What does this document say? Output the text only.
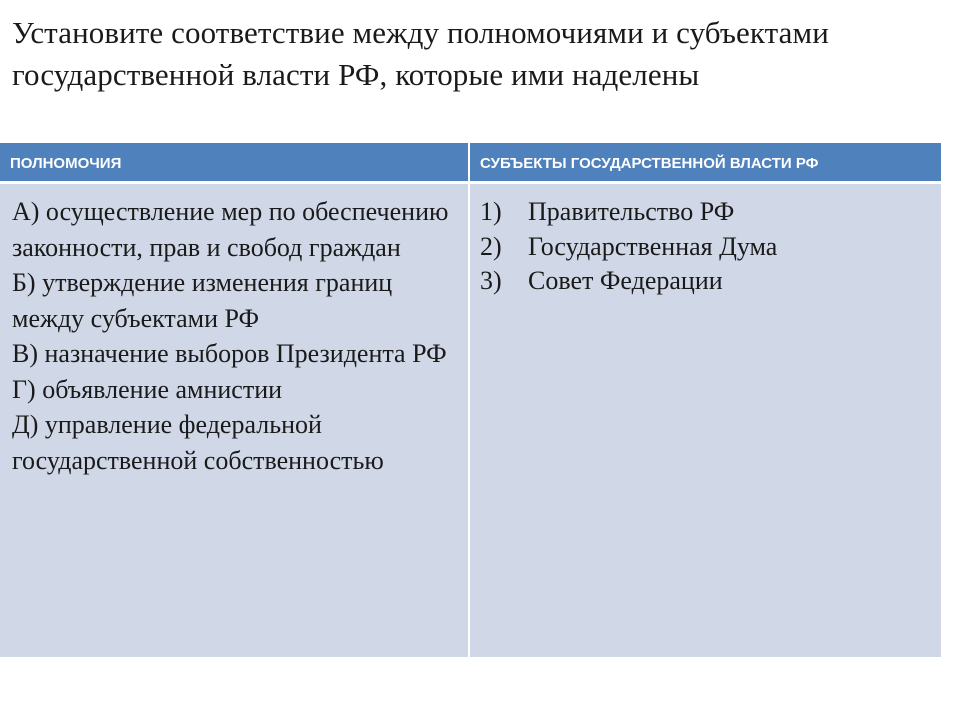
Установите соответствие между полномочиями и субъектами государственной власти РФ, которые ими наделены
ПОЛНОМОЧИЯ	СУБЪЕКТЫ ГОСУДАРСТВЕННОЙ ВЛАСТИ РФ

А) осуществление мер по обеспечению законности, прав и свобод граждан

Б) утверждение изменения границ между субъектами РФ

В) назначение выборов Президента РФ

Г) объявление амнистии

Д) управление федеральной государственной собственностью

1)	Правительство РФ
2)	Государственная Дума
3)	Совет Федерации
